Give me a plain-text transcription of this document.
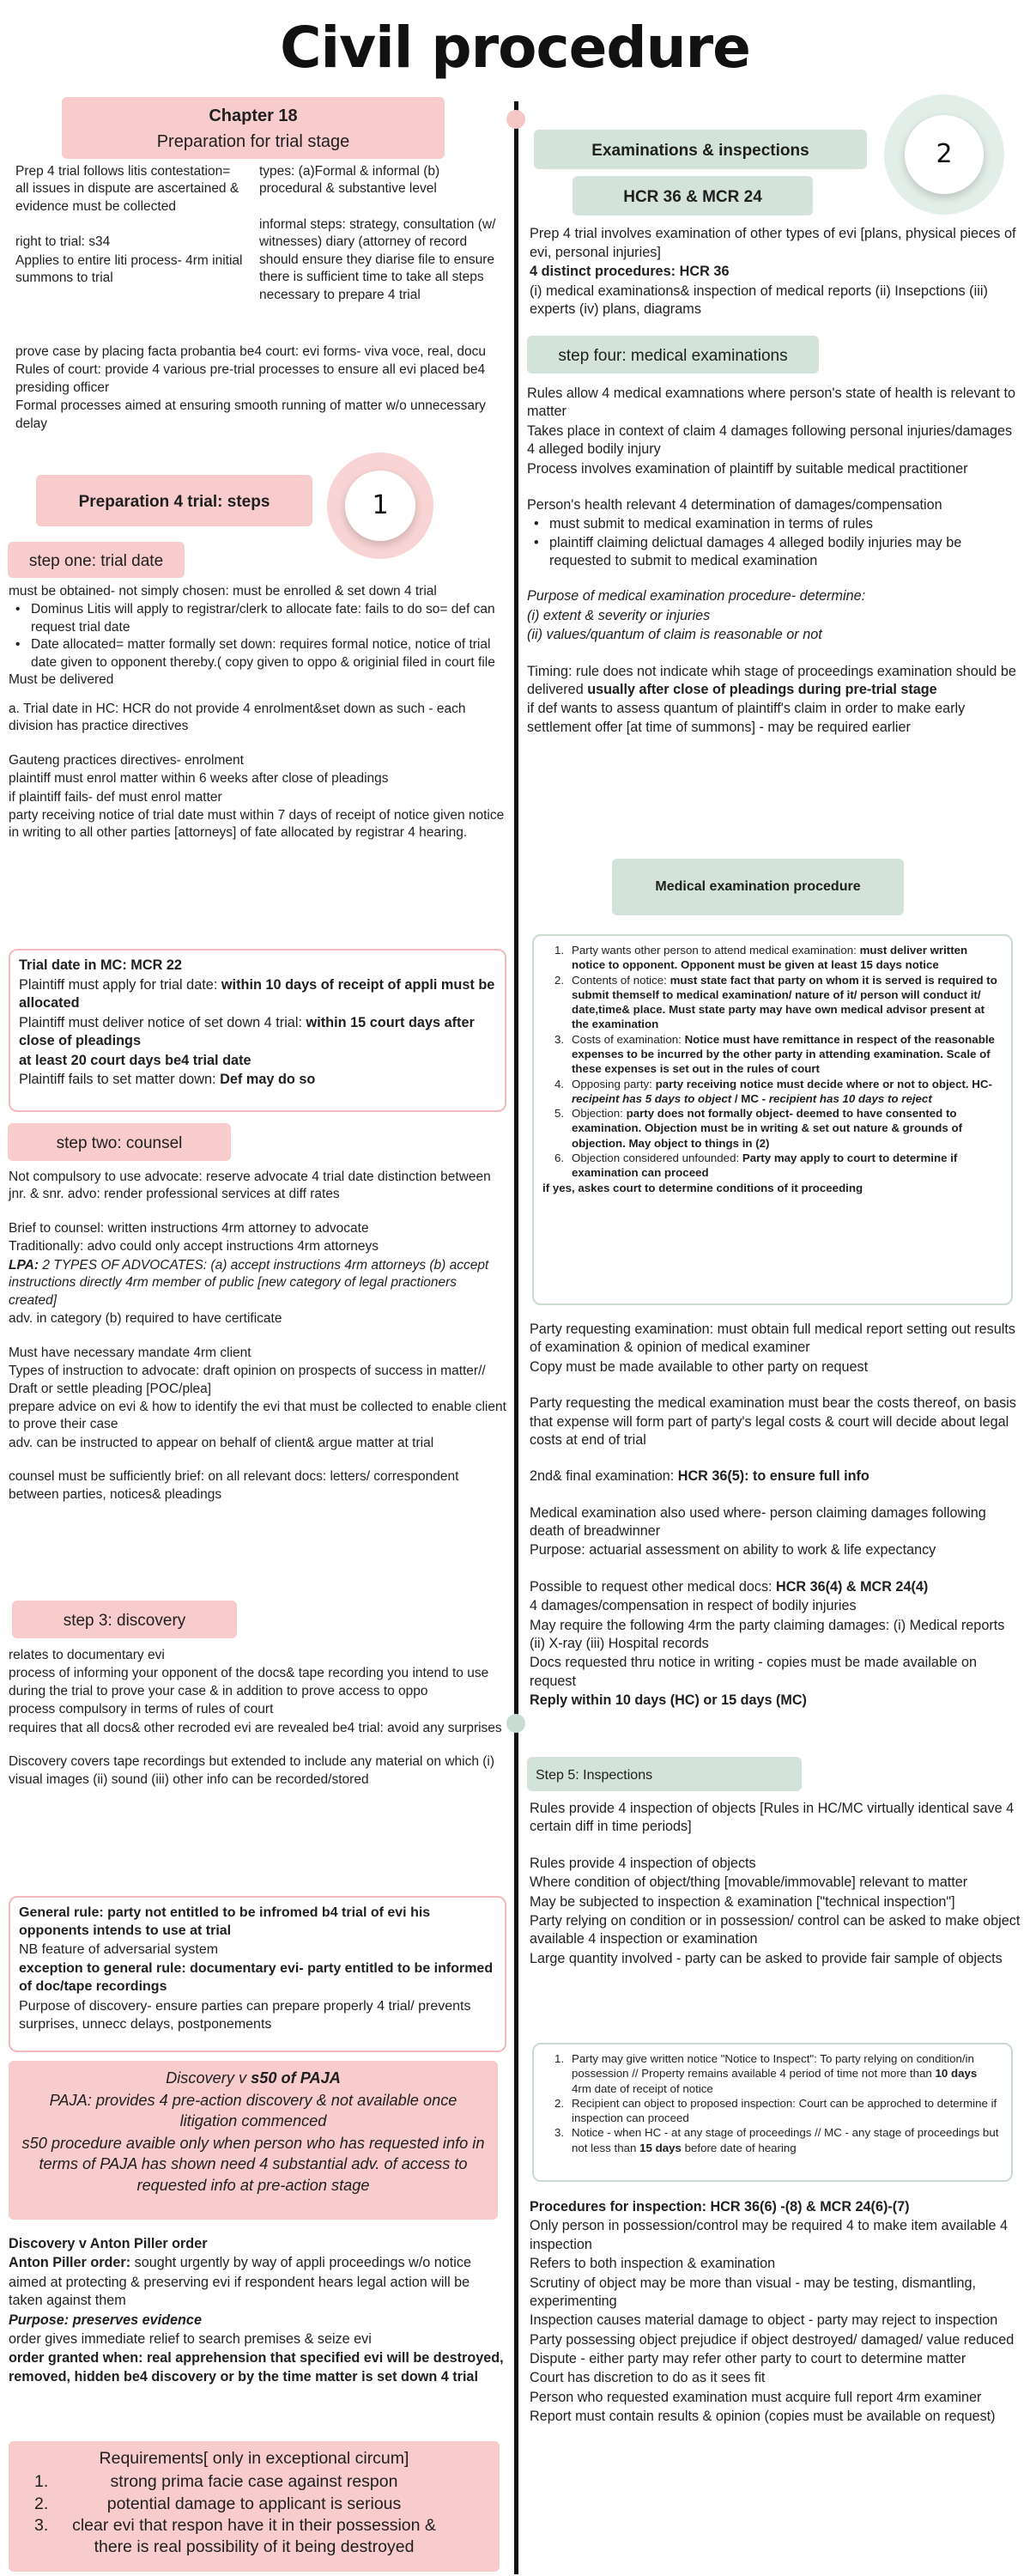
Civil procedure
Chapter 18
Preparation for trial stage

Prep 4 trial follows litis contestation= all issues in dispute are ascertained & evidence must be collected

right to trial: s34

Applies to entire liti process- 4rm initial summons to trial

types: (a)Formal & informal (b) procedural & substantive level

informal steps: strategy, consultation (w/ witnesses) diary (attorney of record should ensure they diarise file to ensure there is sufficient time to take all steps necessary to prepare 4 trial

prove case by placing facta probantia be4 court: evi forms- viva voce, real, docu

Rules of court: provide 4 various pre-trial processes to ensure all evi placed be4 presiding officer

Formal processes aimed at ensuring smooth running of matter w/o unnecessary delay

Preparation 4 trial: steps	1
step one: trial date

must be obtained- not simply chosen: must be enrolled & set down 4 trial

• Dominus Litis will apply to registrar/clerk to allocate fate: fails to do so= def can request trial date
• Date allocated= matter formally set down: requires formal notice, notice of trial date given to opponent thereby.( copy given to oppo & originial filed in court file

Must be delivered

a. Trial date in HC: HCR do not provide 4 enrolment&set down as such - each division has practice directives

Gauteng practices directives- enrolment

plaintiff must enrol matter within 6 weeks after close of pleadings

if plaintiff fails- def must enrol matter

party receiving notice of trial date must within 7 days of receipt of notice given notice in writing to all other parties [attorneys] of fate allocated by registrar 4 hearing.

Trial date in MC: MCR 22

Plaintiff must apply for trial date: within 10 days of receipt of appli must be allocated

Plaintiff must deliver notice of set down 4 trial: within 15 court days after close of pleadings

at least 20 court days be4 trial date

Plaintiff fails to set matter down: Def may do so

step two: counsel

Not compulsory to use advocate: reserve advocate 4 trial date distinction between jnr. & snr. advo: render professional services at diff rates

Brief to counsel: written instructions 4rm attorney to advocate

Traditionally: advo could only accept instructions 4rm attorneys

LPA: 2 TYPES OF ADVOCATES: (a) accept instructions 4rm attorneys (b) accept instructions directly 4rm member of public [new category of legal practioners created]

adv. in category (b) required to have certificate

Must have necessary mandate 4rm client

Types of instruction to advocate: draft opinion on prospects of success in matter// Draft or settle pleading [POC/plea]

prepare advice on evi & how to identify the evi that must be collected to enable client to prove their case

adv. can be instructed to appear on behalf of client& argue matter at trial

counsel must be sufficiently brief: on all relevant docs: letters/ correspondent between parties, notices& pleadings

step 3: discovery

relates to documentary evi

process of informing your opponent of the docs& tape recording you intend to use during the trial to prove your case & in addition to prove access to oppo

process compulsory in terms of rules of court

requires that all docs& other recroded evi are revealed be4 trial: avoid any surprises

Discovery covers tape recordings but extended to include any material on which (i) visual images (ii) sound (iii) other info can be recorded/stored

General rule: party not entitled to be infromed b4 trial of evi his opponents intends to use at trial

NB feature of adversarial system

exception to general rule: documentary evi- party entitled to be informed of doc/tape recordings

Purpose of discovery- ensure parties can prepare properly 4 trial/ prevents surprises, unnecc delays, postponements

Discovery v s50 of PAJA

PAJA: provides 4 pre-action discovery & not available once litigation commenced

s50 procedure avaible only when person who has requested info in terms of PAJA has shown need 4 substantial adv. of access to requested info at pre-action stage

Discovery v Anton Piller order

Anton Piller order: sought urgently by way of appli proceedings w/o notice

aimed at protecting & preserving evi if respondent hears legal action will be taken against them

Purpose: preserves evidence

order gives immediate relief to search premises & seize evi

order granted when: real apprehension that specified evi will be destroyed, removed, hidden be4 discovery or by the time matter is set down 4 trial

Requirements[ only in exceptional circum]

1.	strong prima facie case against respon
2.	potential damage to applicant is serious
3. clear evi that respon have it in their possession & there is real possibility of it being destroyed
Examinations & inspections	2
HCR 36 & MCR 24

Prep 4 trial involves examination of other types of evi [plans, physical pieces of evi, personal injuries]

4 distinct procedures: HCR 36

(i) medical examinations& inspection of medical reports (ii) Insepctions (iii) experts (iv) plans, diagrams

step four: medical examinations

Rules allow 4 medical examnations where person's state of health is relevant to matter

Takes place in context of claim 4 damages following personal injuries/damages 4 alleged bodily injury

Process involves examination of plaintiff by suitable medical practitioner

Person's health relevant 4 determination of damages/compensation

• must submit to medical examination in terms of rules
• plaintiff claiming delictual damages 4 alleged bodily injuries may be requested to submit to medical examination

Purpose of medical examination procedure- determine:

(i) extent & severity or injuries

(ii) values/quantum of claim is reasonable or not

Timing: rule does not indicate whih stage of proceedings examination should be delivered usually after close of pleadings during pre-trial stage

if def wants to assess quantum of plaintiff's claim in order to make early settlement offer [at time of summons] - may be required earlier

Medical examination procedure
1. Party wants other person to attend medical examination: must deliver written notice to opponent. Opponent must be given at least 15 days notice
2. Contents of notice: must state fact that party on whom it is served is required to submit themself to medical examination/ nature of it/ person will conduct it/ date,time& place. Must state party may have own medical advisor present at the examination
3. Costs of examination: Notice must have remittance in respect of the reasonable expenses to be incurred by the other party in attending examination. Scale of these expenses is set out in the rules of court
4. Opposing party: party receiving notice must decide where or not to object. HC- recipeint has 5 days to object / MC - recipient has 10 days to reject
5. Objection: party does not formally object- deemed to have consented to examination. Objection must be in writing & set out nature & grounds of objection. May object to things in (2)
6. Objection considered unfounded: Party may apply to court to determine if examination can proceed

if yes, askes court to determine conditions of it proceeding

Party requesting examination: must obtain full medical report setting out results of examination & opinion of medical examiner

Copy must be made available to other party on request

Party requesting the medical examination must bear the costs thereof, on basis that expense will form part of party's legal costs & court will decide about legal costs at end of trial

2nd& final examination: HCR 36(5): to ensure full info

Medical examination also used where- person claiming damages following death of breadwinner

Purpose: actuarial assessment on ability to work & life expectancy

Possible to request other medical docs: HCR 36(4) & MCR 24(4)

4 damages/compensation in respect of bodily injuries

May require the following 4rm the party claiming damages: (i) Medical reports (ii) X-ray (iii) Hospital records

Docs requested thru notice in writing - copies must be made available on request

Reply within 10 days (HC) or 15 days (MC)

Step 5: Inspections

Rules provide 4 inspection of objects [Rules in HC/MC virtually identical save 4 certain diff in time periods]

Rules provide 4 inspection of objects

Where condition of object/thing [movable/immovable] relevant to matter

May be subjected to inspection & examination ["technical inspection"]

Party relying on condition or in possession/ control can be asked to make object available 4 inspection or examination

Large quantity involved - party can be asked to provide fair sample of objects

1. Party may give written notice "Notice to Inspect": To party relying on condition/in possession // Property remains available 4 period of time not more than 10 days 4rm date of receipt of notice
2. Recipient can object to proposed inspection: Court can be approched to determine if inspection can proceed
3. Notice - when HC - at any stage of proceedings // MC - any stage of proceedings but not less than 15 days before date of hearing

Procedures for inspection: HCR 36(6) -(8) & MCR 24(6)-(7)

Only person in possession/control may be required 4 to make item available 4 inspection

Refers to both inspection & examination

Scrutiny of object may be more than visual - may be testing, dismantling, experimenting

Inspection causes material damage to object - party may reject to inspection

Party possessing object prejudice if object destroyed/ damaged/ value reduced

Dispute - either party may refer other party to court to determine matter

Court has discretion to do as it sees fit

Person who requested examination must acquire full report 4rm examiner

Report must contain results & opinion (copies must be available on request)
